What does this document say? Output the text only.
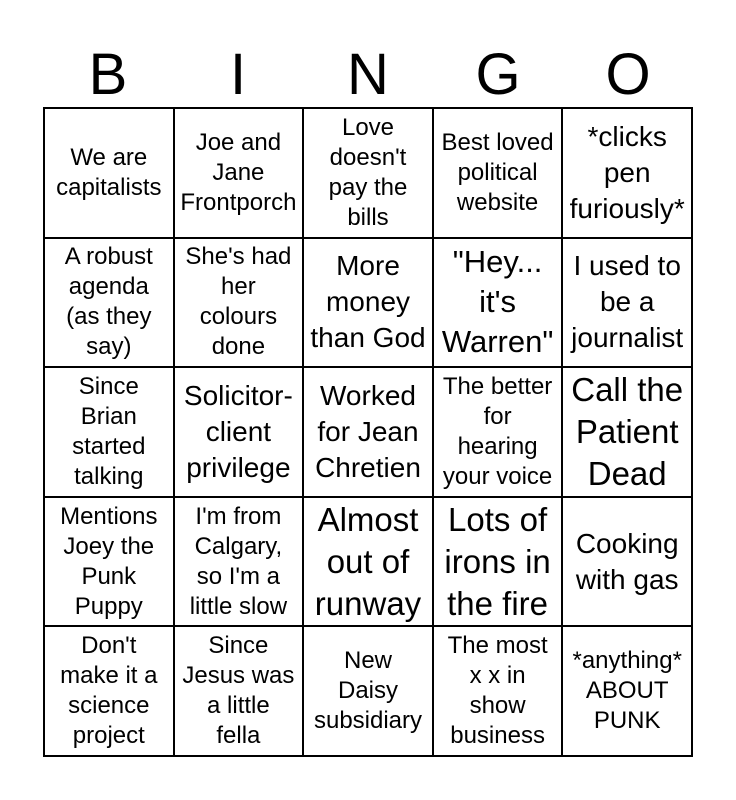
B	I	N	G	O
We are
capitalists
Joe and
Jane
Frontporch
Love
doesn't
pay the
bills
Best loved
political
website
*clicks
pen
furiously*
A robust
agenda
(as they
say)
She's had
her
colours
done
More
money
than God
"Hey...
it's
Warren"
I used to
be a
journalist
Since
Brian
started
talking
Solicitor-
client
privilege
Worked
for Jean
Chretien
The better
for
hearing
your voice
Call the
Patient
Dead
Mentions
Joey the
Punk
Puppy
I'm from
Calgary,
so I'm a
little slow
Almost
out of
runway
Lots of
irons in
the fire
Cooking
with gas
Don't
make it a
science
project
Since
Jesus was
a little
fella
New
Daisy
subsidiary
The most
x x in
show
business
*anything*
ABOUT
PUNK
